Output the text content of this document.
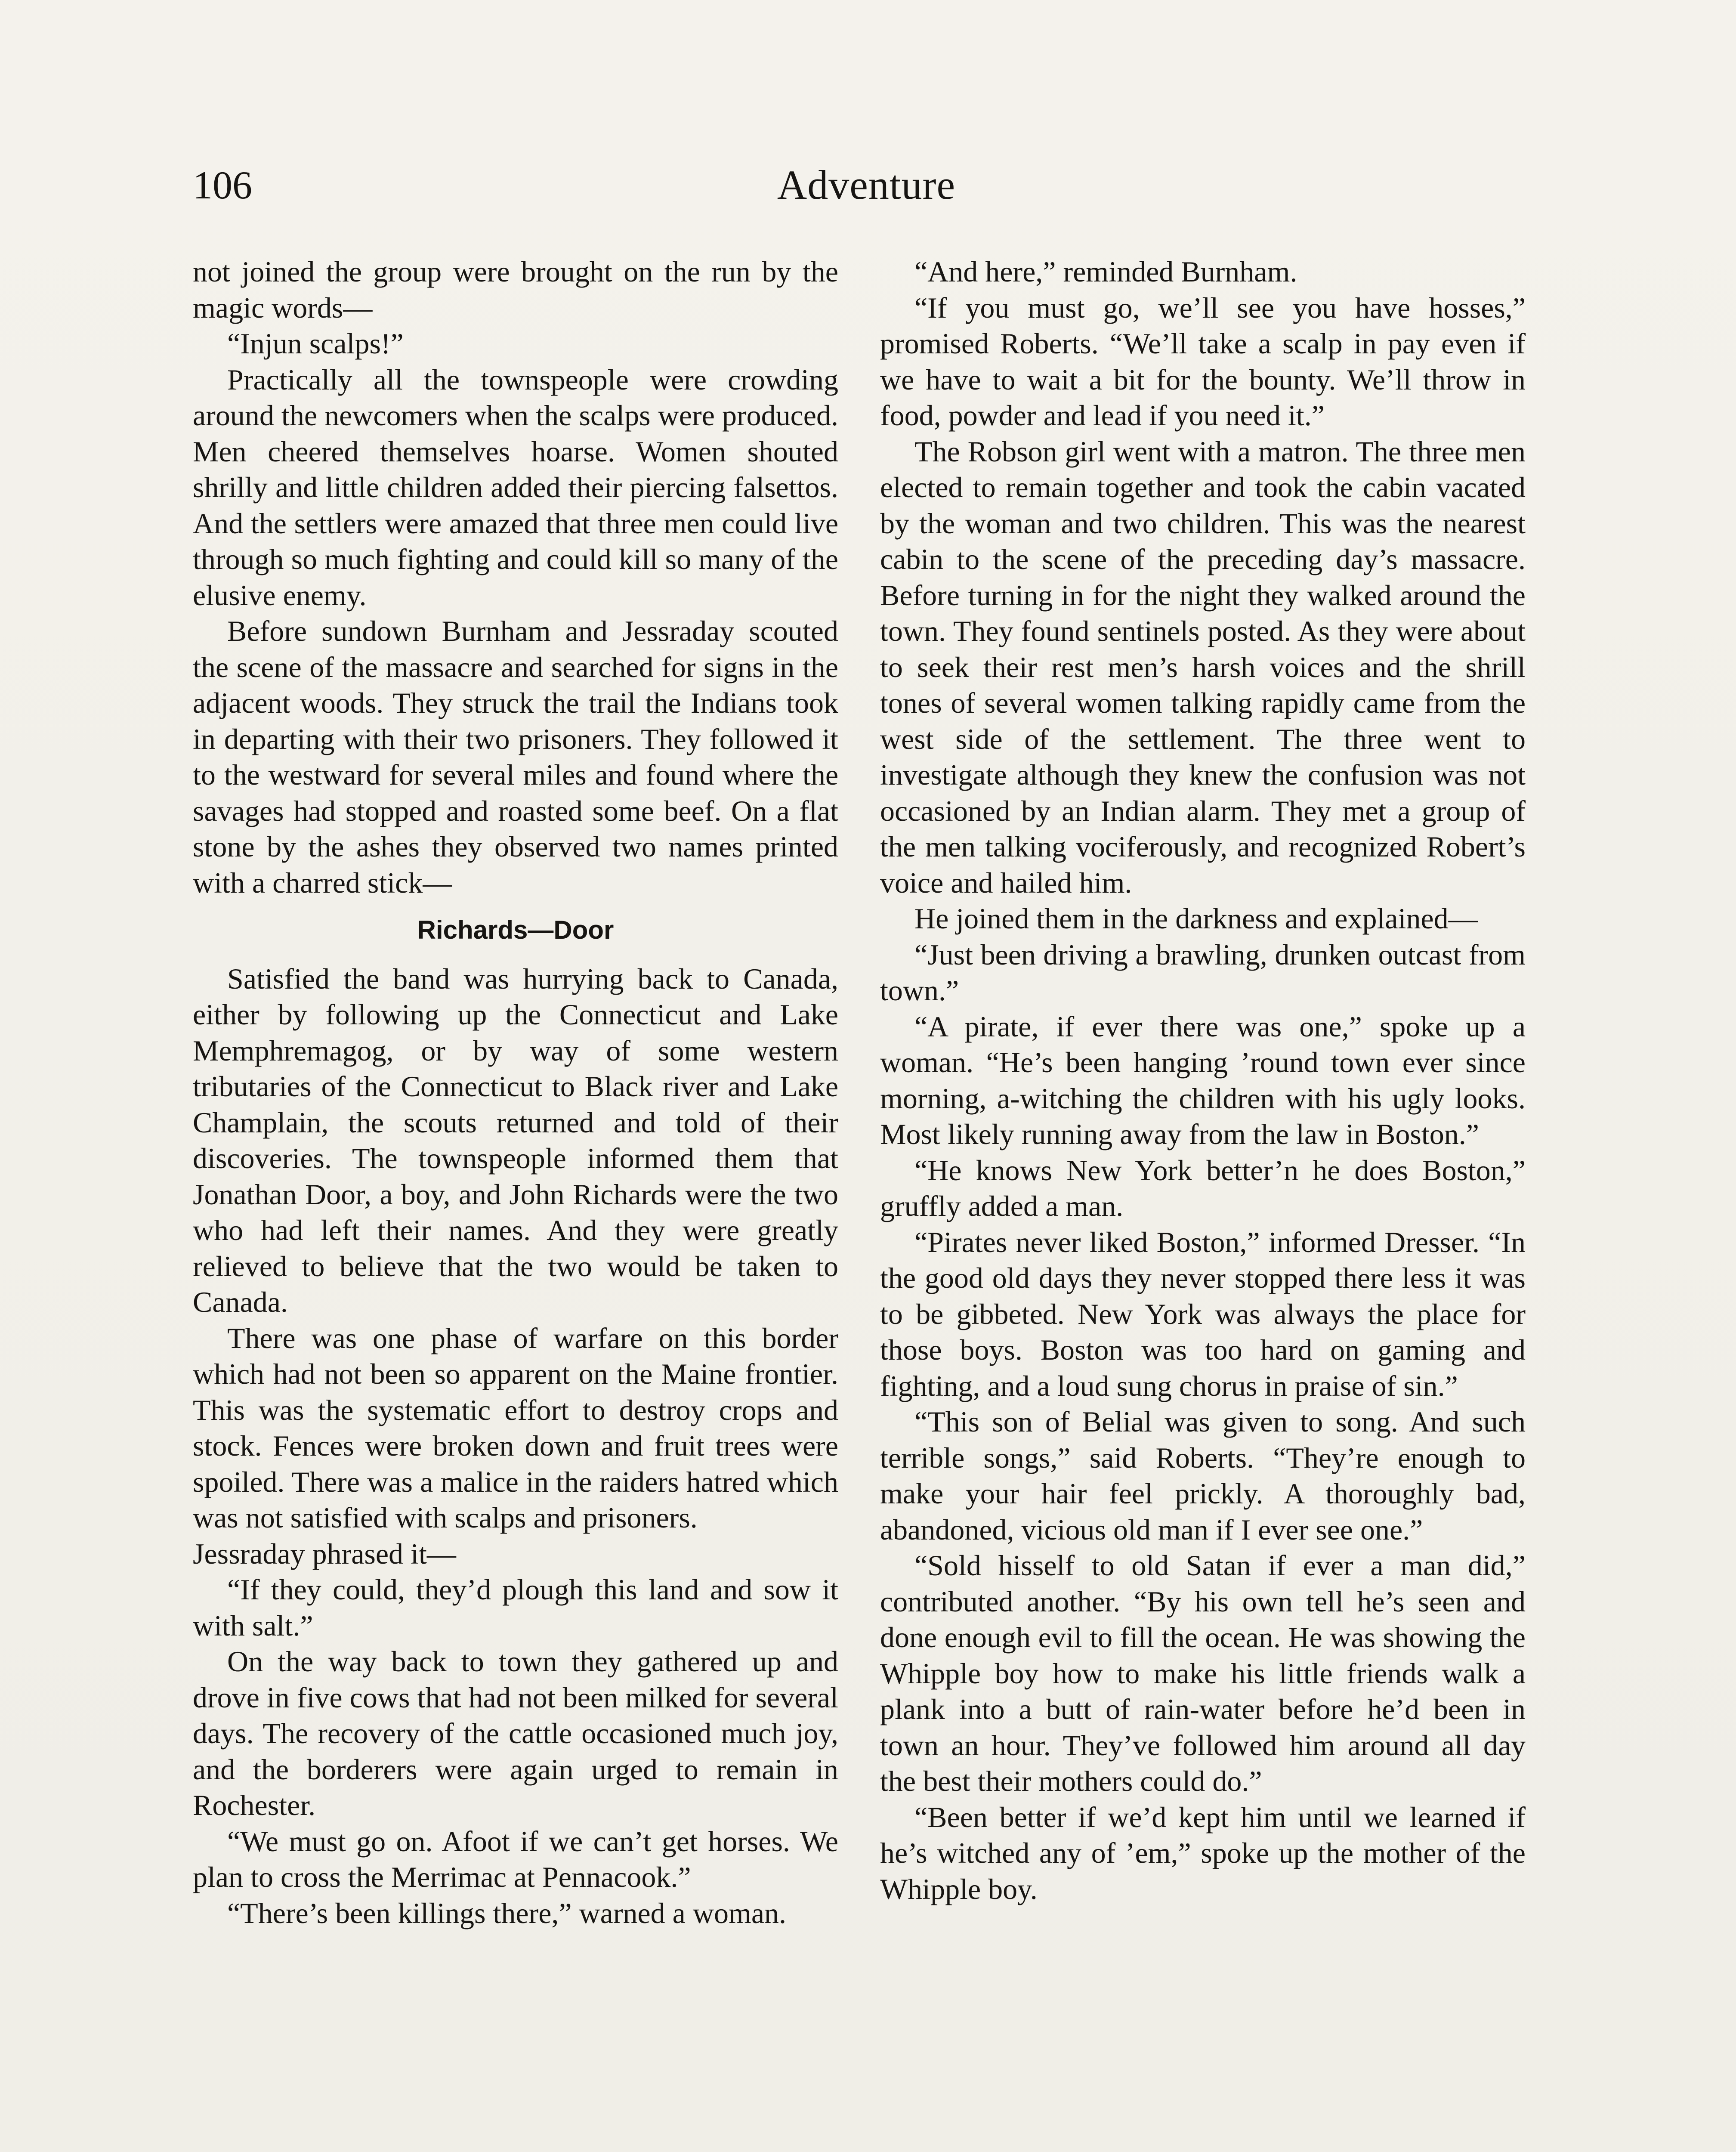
Adventure
106

not joined the group were brought on the run by the magic words—

“Injun scalps!”

Practically all the townspeople were crowding around the newcomers when the scalps were produced. Men cheered themselves hoarse. Women shouted shrilly and little children added their piercing falsettos. And the settlers were amazed that three men could live through so much fighting and could kill so many of the elusive enemy.

Before sundown Burnham and Jessraday scouted the scene of the massacre and searched for signs in the adjacent woods. They struck the trail the Indians took in departing with their two prisoners. They followed it to the westward for several miles and found where the savages had stopped and roasted some beef. On a flat stone by the ashes they observed two names printed with a charred stick—

Richards—Door

Satisfied the band was hurrying back to Canada, either by following up the Connecticut and Lake Memphremagog, or by way of some western tributaries of the Connecticut to Black river and Lake Champlain, the scouts returned and told of their discoveries. The townspeople informed them that Jonathan Door, a boy, and John Richards were the two who had left their names. And they were greatly relieved to believe that the two would be taken to Canada.

There was one phase of warfare on this border which had not been so apparent on the Maine frontier. This was the systematic effort to destroy crops and stock. Fences were broken down and fruit trees were spoiled. There was a malice in the raiders hatred which was not satisfied with scalps and prisoners.

Jessraday phrased it—

“If they could, they’d plough this land and sow it with salt.”

On the way back to town they gathered up and drove in five cows that had not been milked for several days. The recovery of the cattle occasioned much joy, and the borderers were again urged to remain in Rochester.

“We must go on. Afoot if we can’t get horses. We plan to cross the Merrimac at Pennacook.”

“There’s been killings there,” warned a woman.

“And here,” reminded Burnham.

“If you must go, we’ll see you have hosses,” promised Roberts. “We’ll take a scalp in pay even if we have to wait a bit for the bounty. We’ll throw in food, powder and lead if you need it.”

The Robson girl went with a matron. The three men elected to remain together and took the cabin vacated by the woman and two children. This was the nearest cabin to the scene of the preceding day’s massacre. Before turning in for the night they walked around the town. They found sentinels posted. As they were about to seek their rest men’s harsh voices and the shrill tones of several women talking rapidly came from the west side of the settlement. The three went to investigate although they knew the confusion was not occasioned by an Indian alarm. They met a group of the men talking vociferously, and recognized Robert’s voice and hailed him.

He joined them in the darkness and explained—

“Just been driving a brawling, drunken outcast from town.”

“A pirate, if ever there was one,” spoke up a woman. “He’s been hanging ’round town ever since morning, a-witching the children with his ugly looks. Most likely running away from the law in Boston.”

“He knows New York better’n he does Boston,” gruffly added a man.

“Pirates never liked Boston,” informed Dresser. “In the good old days they never stopped there less it was to be gibbeted. New York was always the place for those boys. Boston was too hard on gaming and fighting, and a loud sung chorus in praise of sin.”

“This son of Belial was given to song. And such terrible songs,” said Roberts. “They’re enough to make your hair feel prickly. A thoroughly bad, abandoned, vicious old man if I ever see one.”

“Sold hisself to old Satan if ever a man did,” contributed another. “By his own tell he’s seen and done enough evil to fill the ocean. He was showing the Whipple boy how to make his little friends walk a plank into a butt of rain-water before he’d been in town an hour. They’ve followed him around all day the best their mothers could do.”

“Been better if we’d kept him until we learned if he’s witched any of ’em,” spoke up the mother of the Whipple boy.
